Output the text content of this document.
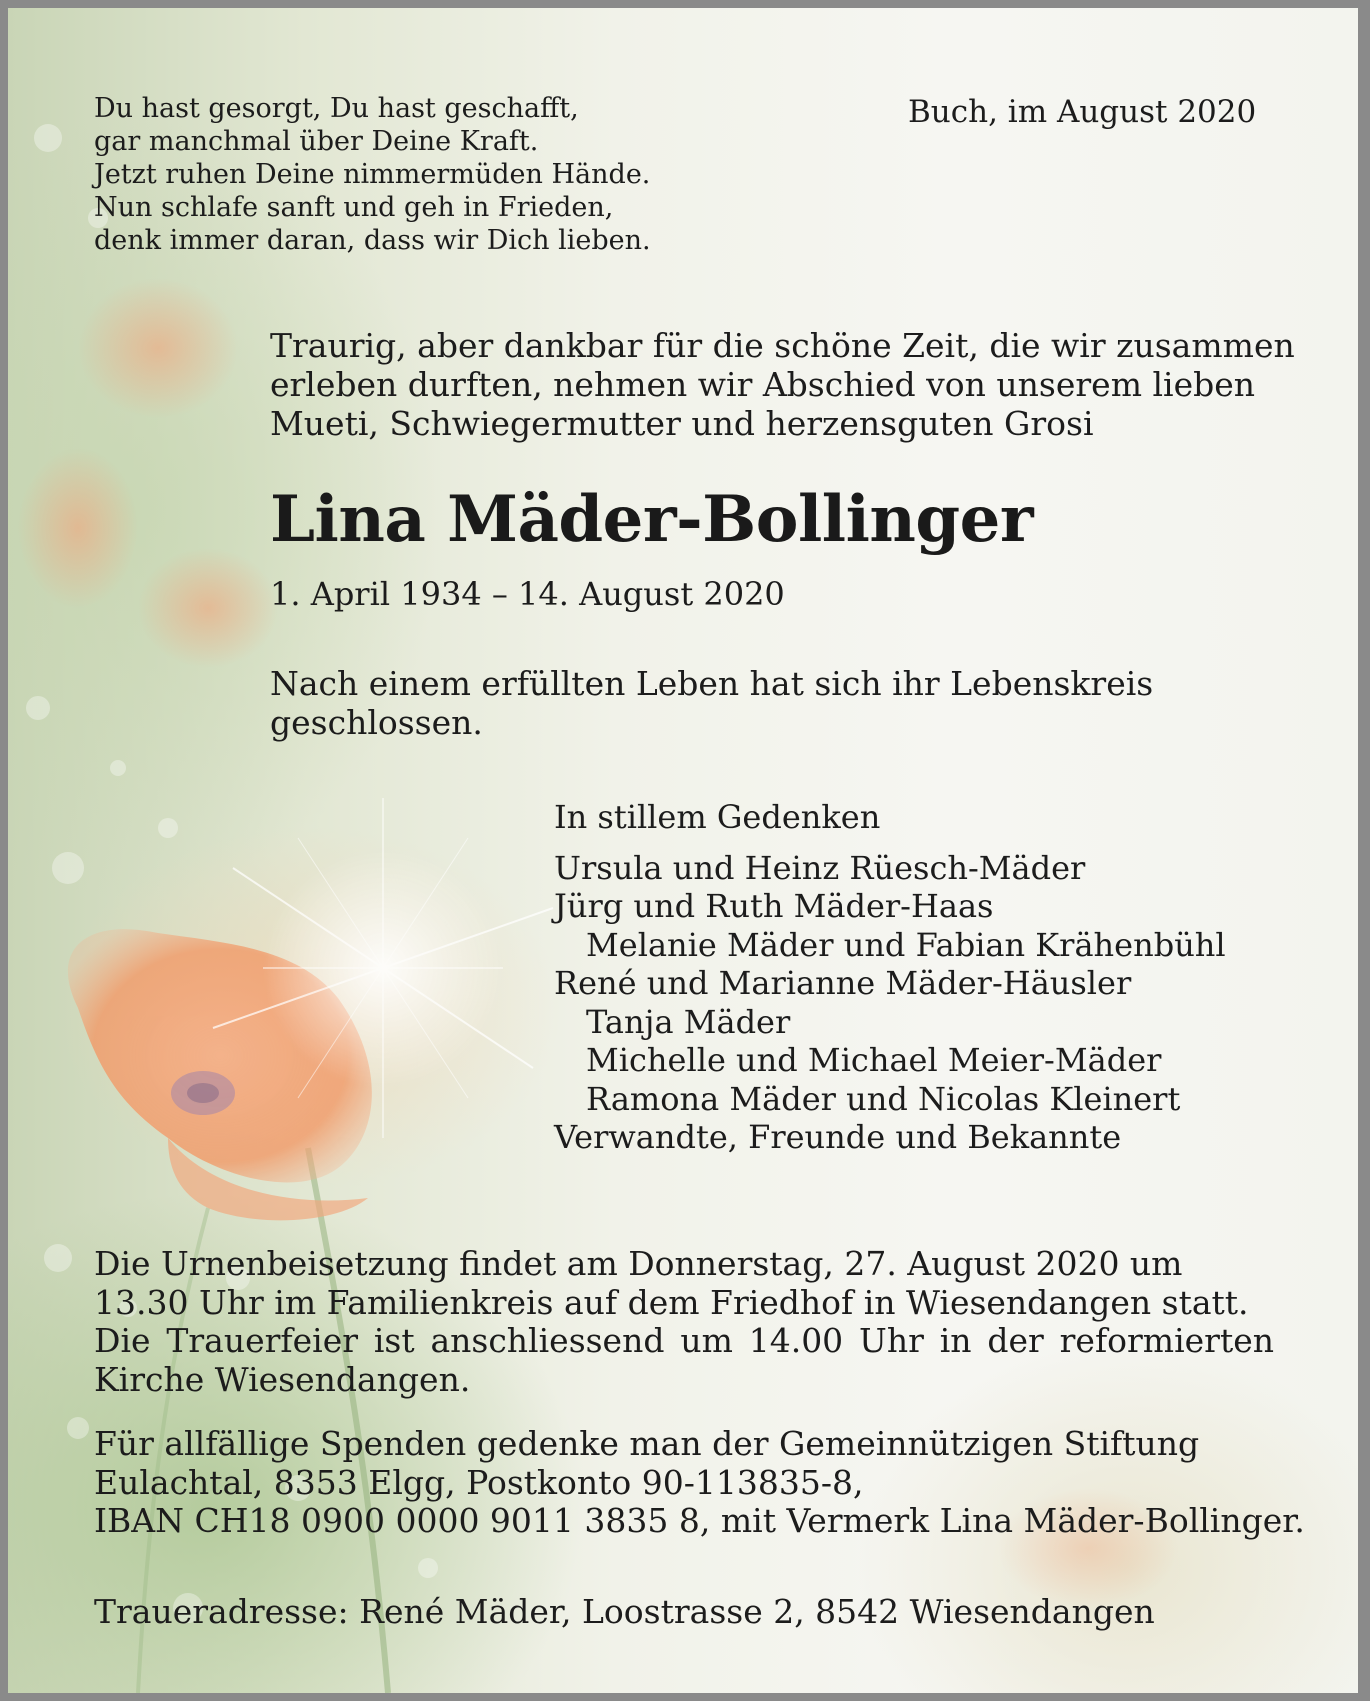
Du hast gesorgt, Du hast geschafft,
gar manchmal über Deine Kraft.
Jetzt ruhen Deine nimmermüden Hände.
Nun schlafe sanft und geh in Frieden,
denk immer daran, dass wir Dich lieben.
Buch, im August 2020
Traurig, aber dankbar für die schöne Zeit, die wir zusammen
erleben durften, nehmen wir Abschied von unserem lieben
Mueti, Schwiegermutter und herzensguten Grosi
Lina Mäder-Bollinger
1. April 1934 – 14. August 2020
Nach einem erfüllten Leben hat sich ihr Lebenskreis
geschlossen.
In stillem Gedenken
Ursula und Heinz Rüesch-Mäder
Jürg und Ruth Mäder-Haas
Melanie Mäder und Fabian Krähenbühl
René und Marianne Mäder-Häusler
Tanja Mäder
Michelle und Michael Meier-Mäder
Ramona Mäder und Nicolas Kleinert
Verwandte, Freunde und Bekannte
Die Urnenbeisetzung findet am Donnerstag, 27. August 2020 um
13.30 Uhr im Familienkreis auf dem Friedhof in Wiesendangen statt.
Die Trauerfeier ist anschliessend um 14.00 Uhr in der reformierten
Kirche Wiesendangen.
Für allfällige Spenden gedenke man der Gemeinnützigen Stiftung
Eulachtal, 8353 Elgg, Postkonto 90-113835-8,
IBAN CH18 0900 0000 9011 3835 8, mit Vermerk Lina Mäder-Bollinger.
Traueradresse: René Mäder, Loostrasse 2, 8542 Wiesendangen
